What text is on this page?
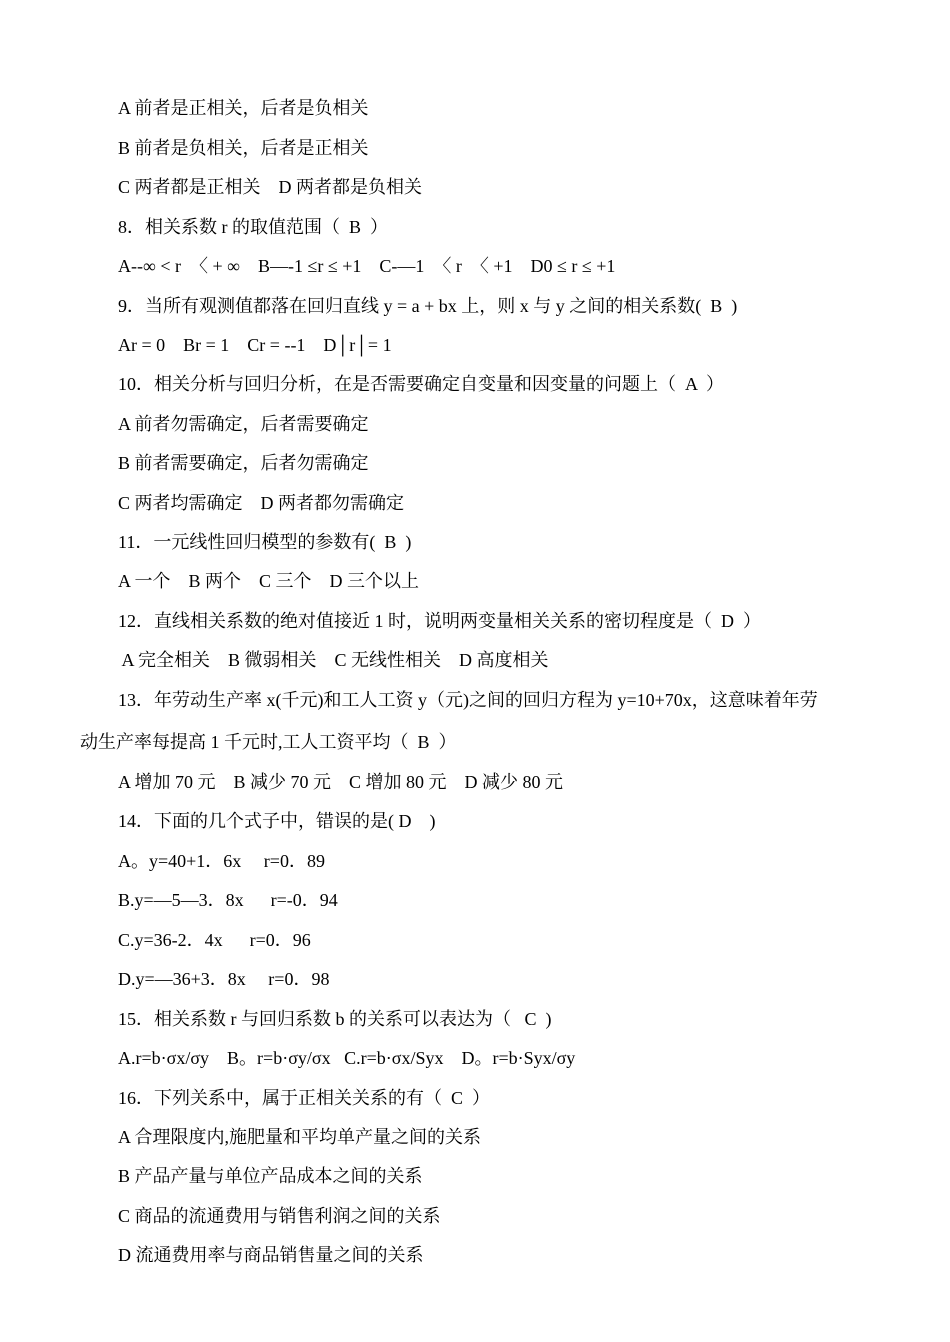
A 前者是正相关，后者是负相关
B 前者是负相关，后者是正相关
C 两者都是正相关    D 两者都是负相关
8．相关系数 r 的取值范围（  B  ）
A--∞ < r  〈 + ∞    B—-1 ≤r ≤ +1    C-—1  〈 r  〈 +1    D0 ≤ r ≤ +1
9．当所有观测值都落在回归直线 y = a + bx 上，则 x 与 y 之间的相关系数(  B  )
Ar = 0    Br = 1    Cr = --1    D│r│= 1
10．相关分析与回归分析，在是否需要确定自变量和因变量的问题上（  A  ）
A 前者勿需确定，后者需要确定
B 前者需要确定，后者勿需确定
C 两者均需确定    D 两者都勿需确定
11．一元线性回归模型的参数有(  B  )
A 一个    B 两个    C 三个    D 三个以上
12．直线相关系数的绝对值接近 1 时，说明两变量相关关系的密切程度是（  D  ）
A 完全相关    B 微弱相关    C 无线性相关    D 高度相关
13．年劳动生产率 x(千元)和工人工资 y（元)之间的回归方程为 y=10+70x，这意味着年劳
动生产率每提高 1 千元时,工人工资平均（  B  ）
A 增加 70 元    B 减少 70 元    C 增加 80 元    D 减少 80 元
14．下面的几个式子中，错误的是( D    )
A。y=40+1．6x     r=0．89
B.y=—5—3．8x      r=-0．94
C.y=36-2．4x      r=0．96
D.y=—36+3．8x     r=0．98
15．相关系数 r 与回归系数 b 的关系可以表达为（   C  )
A.r=b·σx/σy    B。r=b·σy/σx   C.r=b·σx/Syx    D。r=b·Syx/σy
16．下列关系中，属于正相关关系的有（  C  ）
A 合理限度内,施肥量和平均单产量之间的关系
B 产品产量与单位产品成本之间的关系
C 商品的流通费用与销售利润之间的关系
D 流通费用率与商品销售量之间的关系
